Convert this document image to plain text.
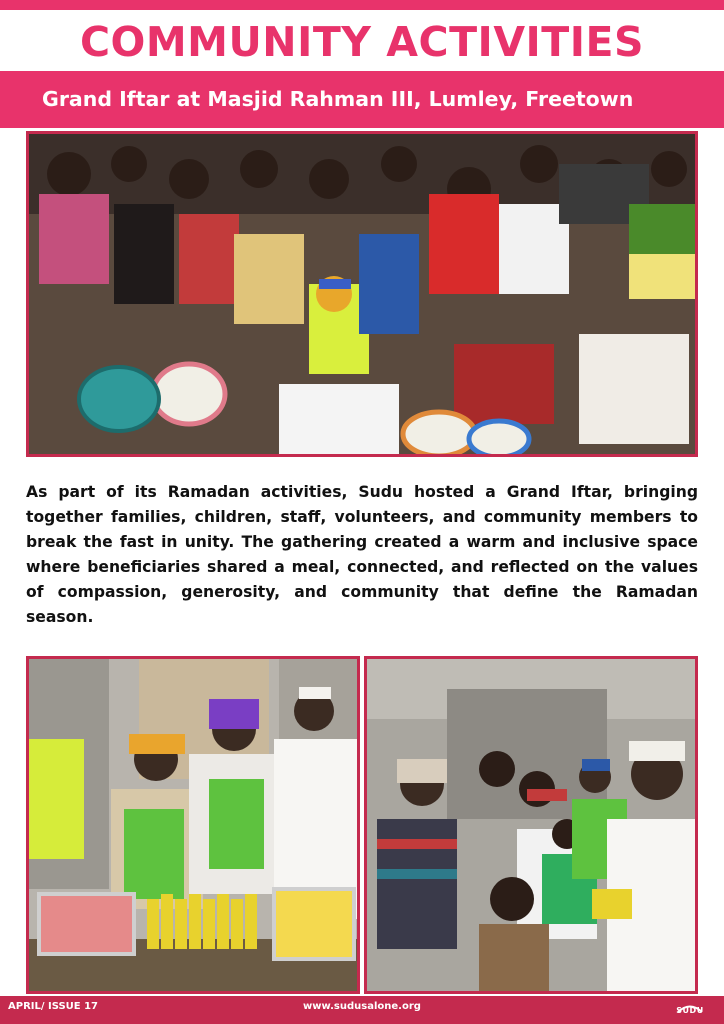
COMMUNITY ACTIVITIES
Grand Iftar at Masjid Rahman III, Lumley, Freetown

As part of its Ramadan activities, Sudu hosted a Grand Iftar, bringing together families, children, staff, volunteers, and community members to break the fast in unity. The gathering created a warm and inclusive space where beneficiaries shared a meal, connected, and reflected on the values of compassion, generosity, and community that define the Ramadan season.

APRIL/ ISSUE 17	www.sudusalone.org	SUDU
